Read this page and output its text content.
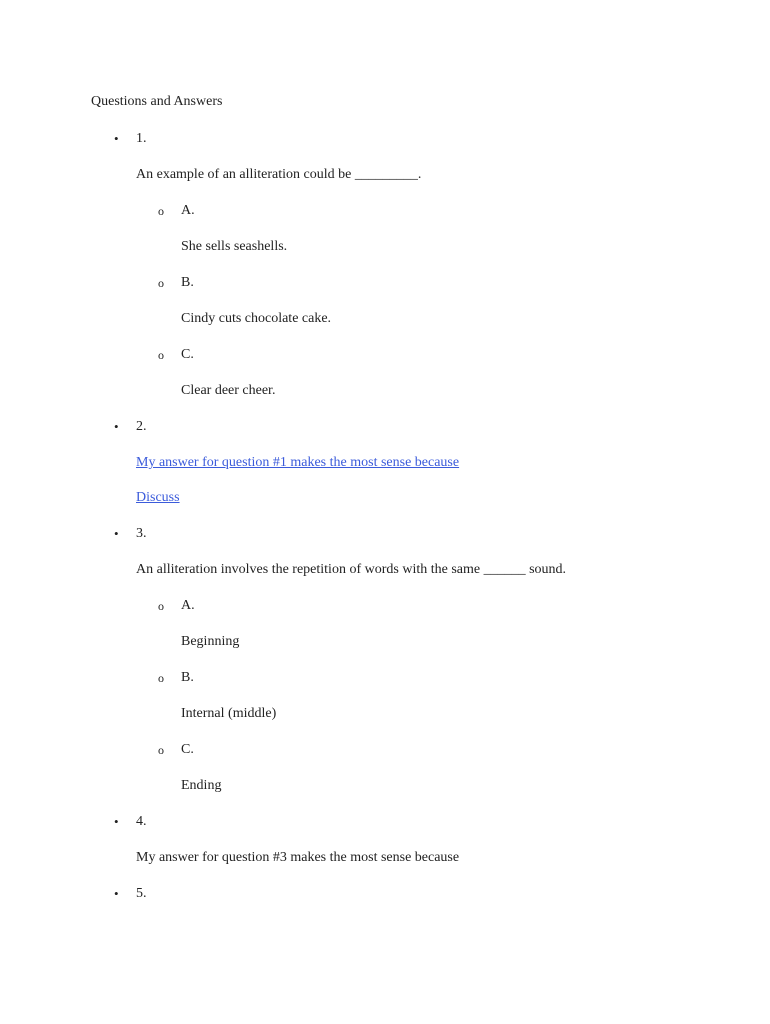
Questions and Answers
• 1.
An example of an alliteration could be _________.
o A.
She sells seashells.
o B.
Cindy cuts chocolate cake.
o C.
Clear deer cheer.
• 2.
My answer for question #1 makes the most sense because
Discuss
• 3.
An alliteration involves the repetition of words with the same ______ sound.
o A.
Beginning
o B.
Internal (middle)
o C.
Ending
• 4.
My answer for question #3 makes the most sense because
• 5.
